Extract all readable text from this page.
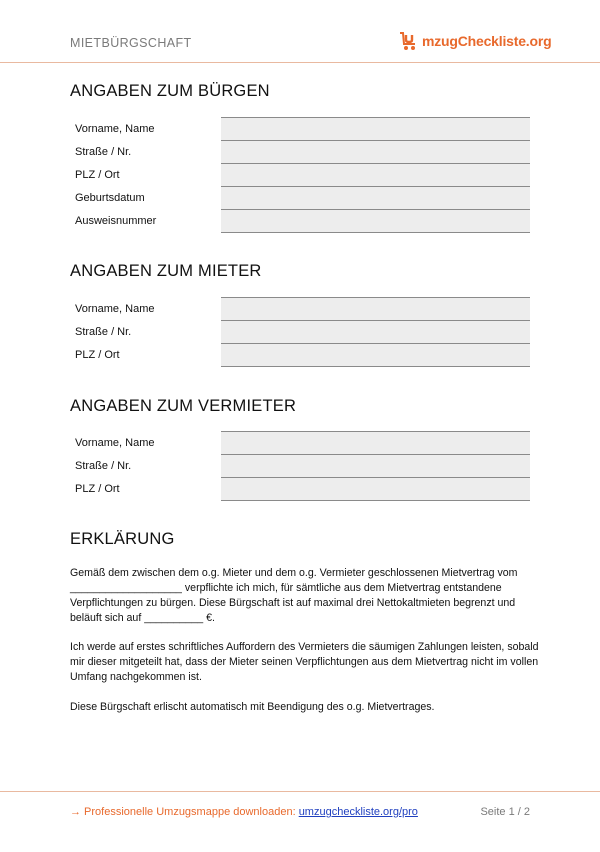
MIETBÜRGSCHAFT	mzugCheckliste.org
ANGABEN ZUM BÜRGEN
Vorname, Name
Straße / Nr.
PLZ / Ort
Geburtsdatum
Ausweisnummer
ANGABEN ZUM MIETER
Vorname, Name
Straße / Nr.
PLZ / Ort
ANGABEN ZUM VERMIETER
Vorname, Name
Straße / Nr.
PLZ / Ort
ERKLÄRUNG

Gemäß dem zwischen dem o.g. Mieter und dem o.g. Vermieter geschlossenen Mietvertrag vom ___________________ verpflichte ich mich, für sämtliche aus dem Mietvertrag entstandene Verpflichtungen zu bürgen. Diese Bürgschaft ist auf maximal drei Nettokaltmieten begrenzt und beläuft sich auf __________ €.

Ich werde auf erstes schriftliches Auffordern des Vermieters die säumigen Zahlungen leisten, sobald mir dieser mitgeteilt hat, dass der Mieter seinen Verpflichtungen aus dem Mietvertrag nicht im vollen Umfang nachgekommen ist.

Diese Bürgschaft erlischt automatisch mit Beendigung des o.g. Mietvertrages.

→ Professionelle Umzugsmappe downloaden: umzugcheckliste.org/pro	Seite 1 / 2
